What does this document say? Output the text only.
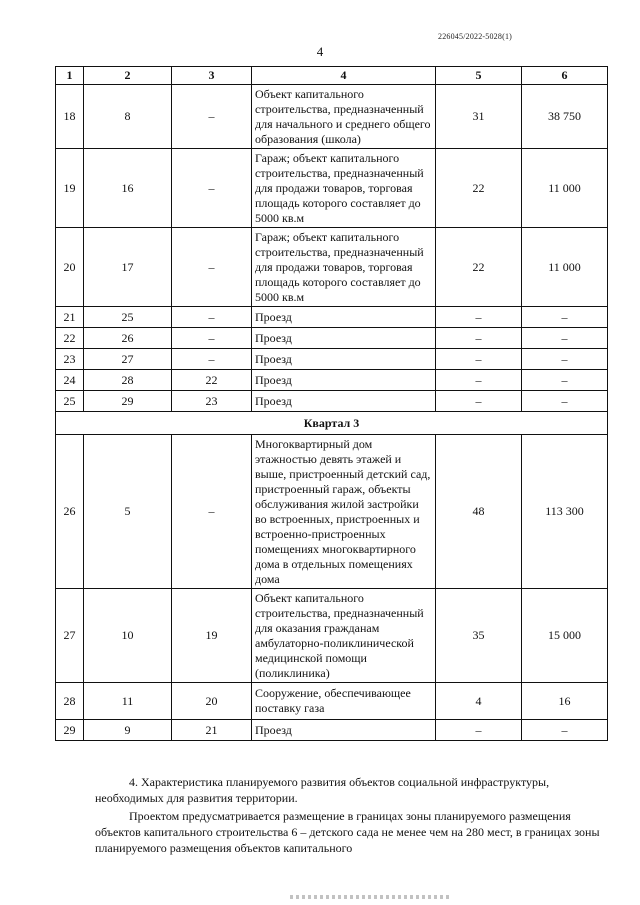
226045/2022-5028(1)
4
1	2	3	4	5	6
18	8	–	Объект капитального строительства, предназначенный для начального и среднего общего образования (школа)	31	38 750
19	16	–	Гараж; объект капитального строительства, предназначенный для продажи товаров, торговая площадь которого составляет до 5000 кв.м	22	11 000
20	17	–	Гараж; объект капитального строительства, предназначенный для продажи товаров, торговая площадь которого составляет до 5000 кв.м	22	11 000
21	25	–	Проезд	–	–
22	26	–	Проезд	–	–
23	27	–	Проезд	–	–
24	28	22	Проезд	–	–
25	29	23	Проезд	–	–
Квартал 3					
26	5	–	Многоквартирный дом этажностью девять этажей и выше, пристроенный детский сад, пристроенный гараж, объекты обслуживания жилой застройки во встроенных, пристроенных и встроенно-пристроенных помещениях многоквартирного дома в отдельных помещениях дома	48	113 300
27	10	19	Объект капитального строительства, предназначенный для оказания гражданам амбулаторно-поликлинической медицинской помощи (поликлиника)	35	15 000
28	11	20	Сооружение, обеспечивающее поставку газа	4	16
29	9	21	Проезд	–	–
4. Характеристика планируемого развития объектов социальной инфраструктуры, необходимых для развития территории.
Проектом предусматривается размещение в границах зоны планируемого размещения объектов капитального строительства 6 – детского сада не менее чем на 280 мест, в границах зоны планируемого размещения объектов капитального
